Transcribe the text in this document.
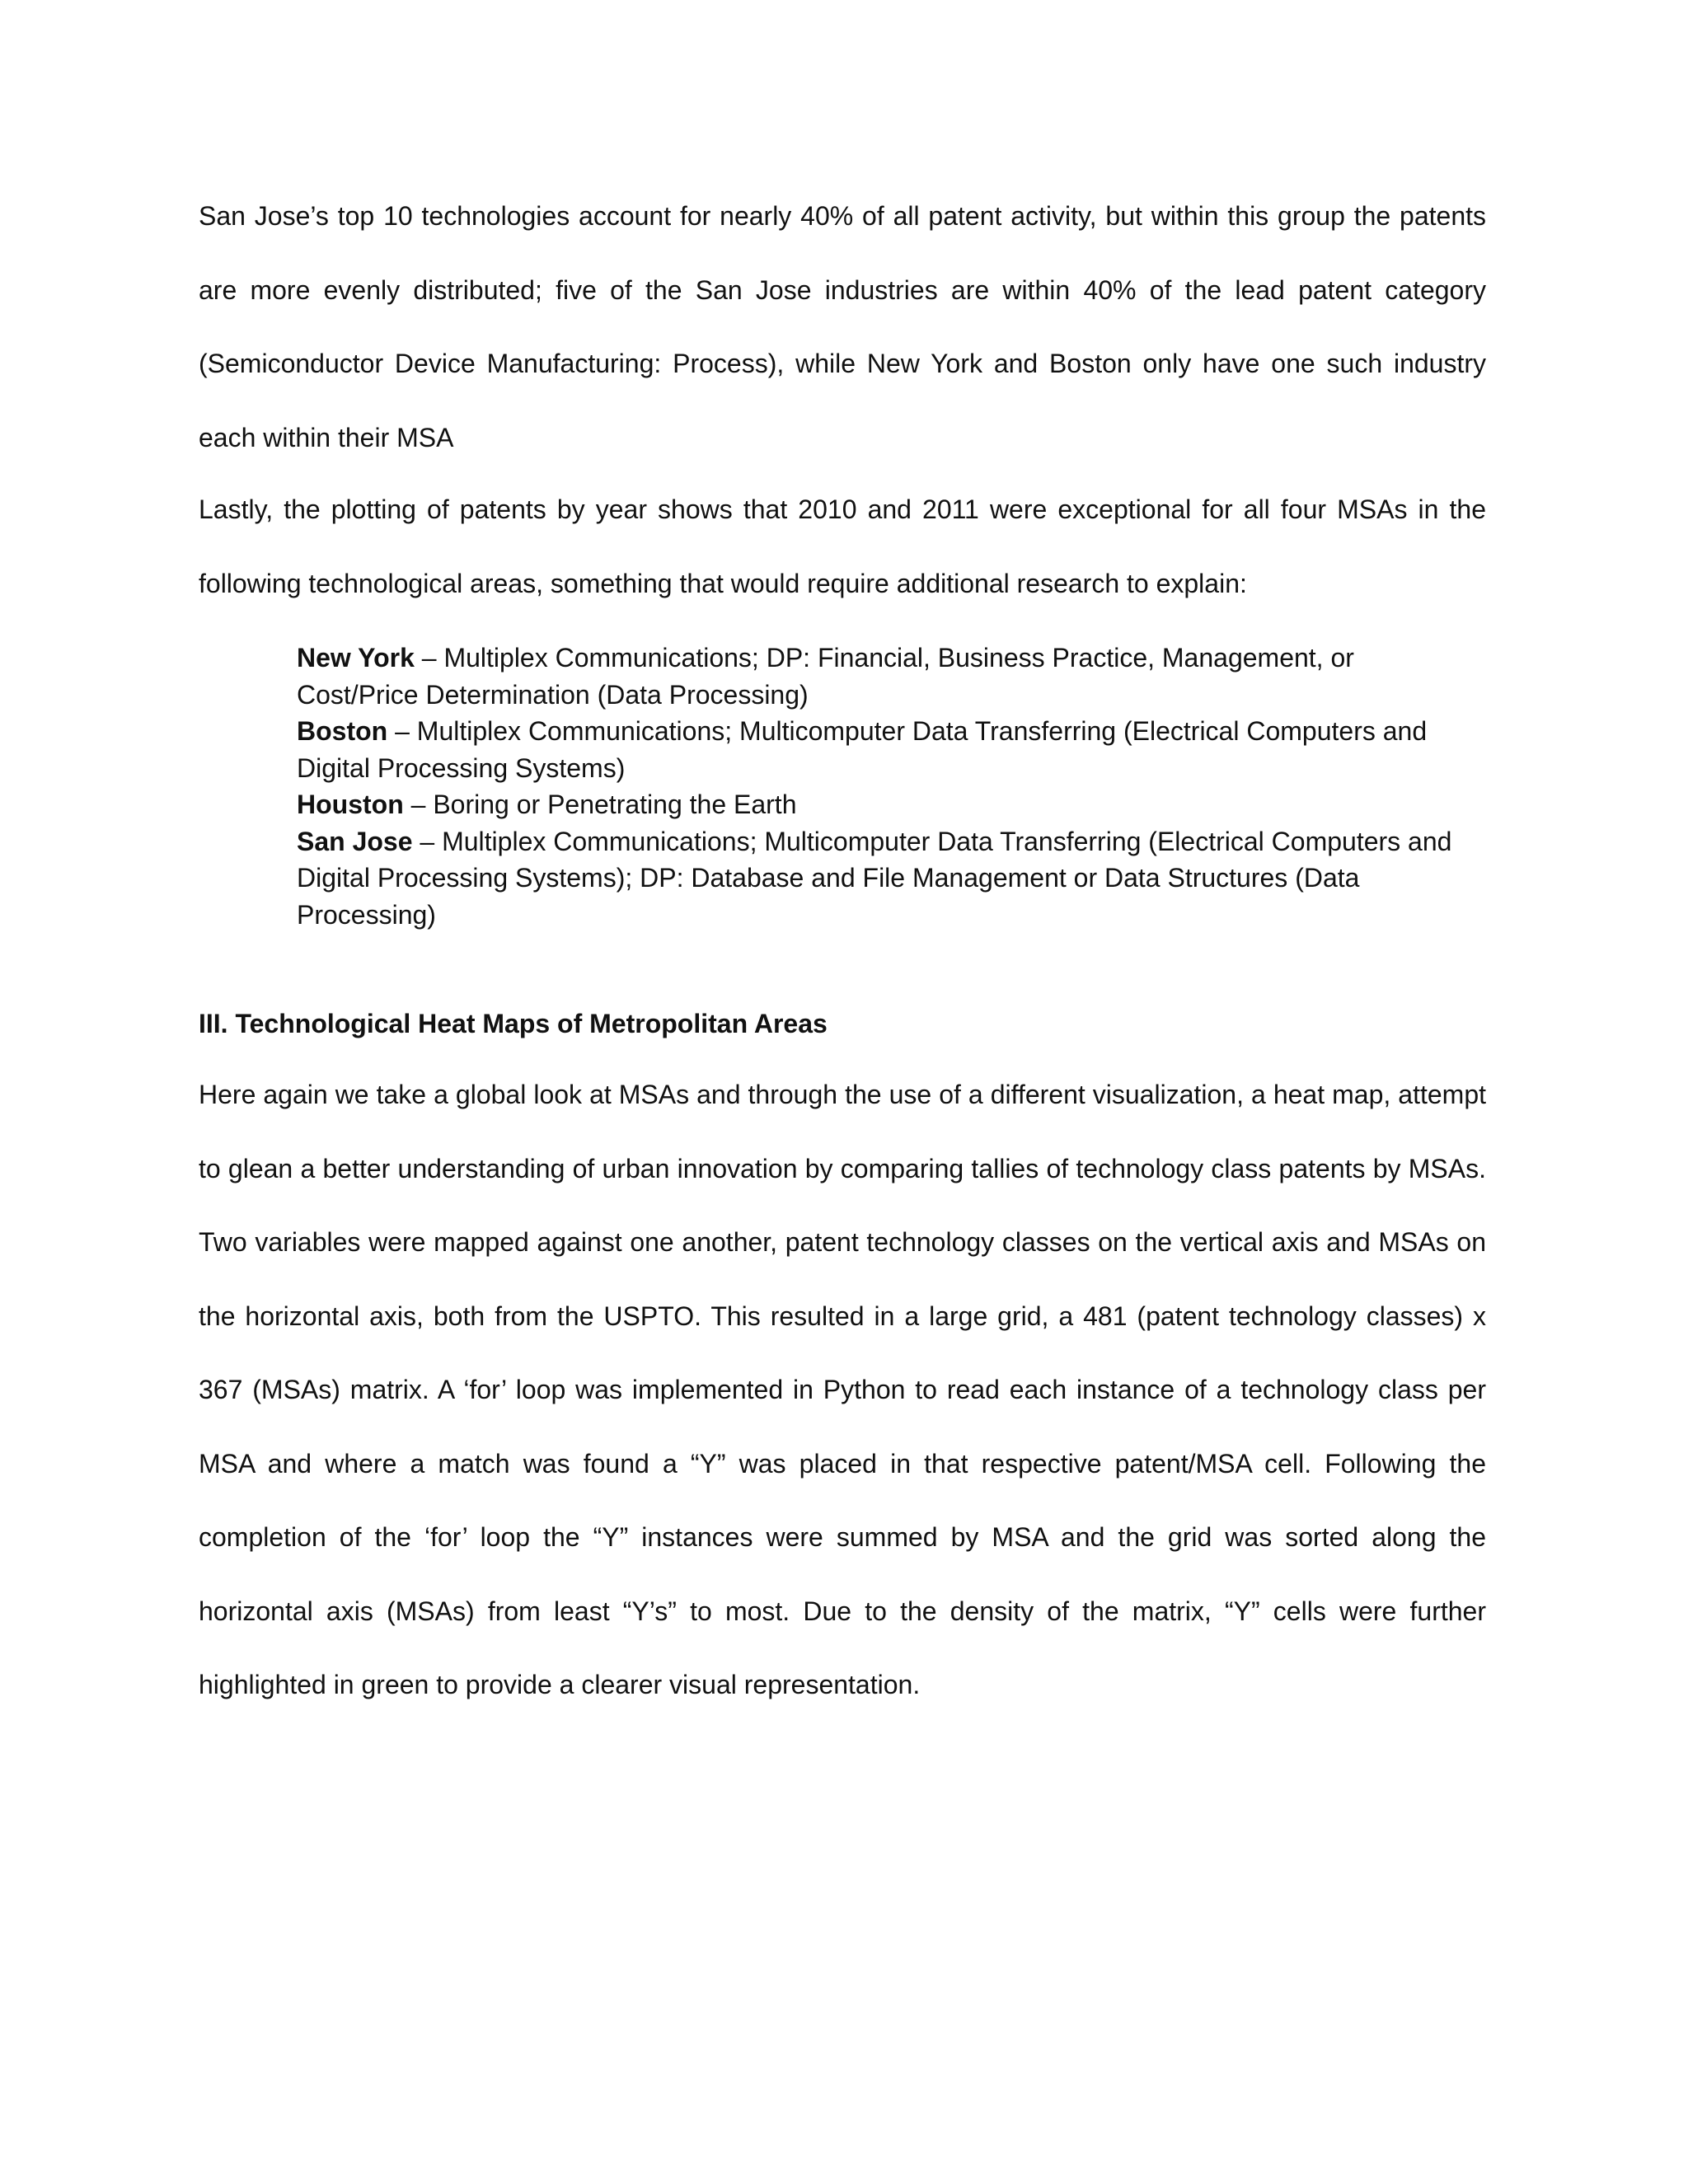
San Jose’s top 10 technologies account for nearly 40% of all patent activity, but within this group the patents are more evenly distributed; five of the San Jose industries are within 40% of the lead patent category (Semiconductor Device Manufacturing: Process), while New York and Boston only have one such industry each within their MSA

Lastly, the plotting of patents by year shows that 2010 and 2011 were exceptional for all four MSAs in the following technological areas, something that would require additional research to explain:

New York – Multiplex Communications; DP: Financial, Business Practice, Management, or Cost/Price Determination (Data Processing)

Boston – Multiplex Communications; Multicomputer Data Transferring (Electrical Computers and Digital Processing Systems)

Houston – Boring or Penetrating the Earth

San Jose – Multiplex Communications; Multicomputer Data Transferring (Electrical Computers and Digital Processing Systems); DP: Database and File Management or Data Structures (Data Processing)

III. Technological Heat Maps of Metropolitan Areas

Here again we take a global look at MSAs and through the use of a different visualization, a heat map, attempt to glean a better understanding of urban innovation by comparing tallies of technology class patents by MSAs. Two variables were mapped against one another, patent technology classes on the vertical axis and MSAs on the horizontal axis, both from the USPTO. This resulted in a large grid, a 481 (patent technology classes) x 367 (MSAs) matrix. A ‘for’ loop was implemented in Python to read each instance of a technology class per MSA and where a match was found a “Y” was placed in that respective patent/MSA cell. Following the completion of the ‘for’ loop the “Y” instances were summed by MSA and the grid was sorted along the horizontal axis (MSAs) from least “Y’s” to most. Due to the density of the matrix, “Y” cells were further highlighted in green to provide a clearer visual representation.
